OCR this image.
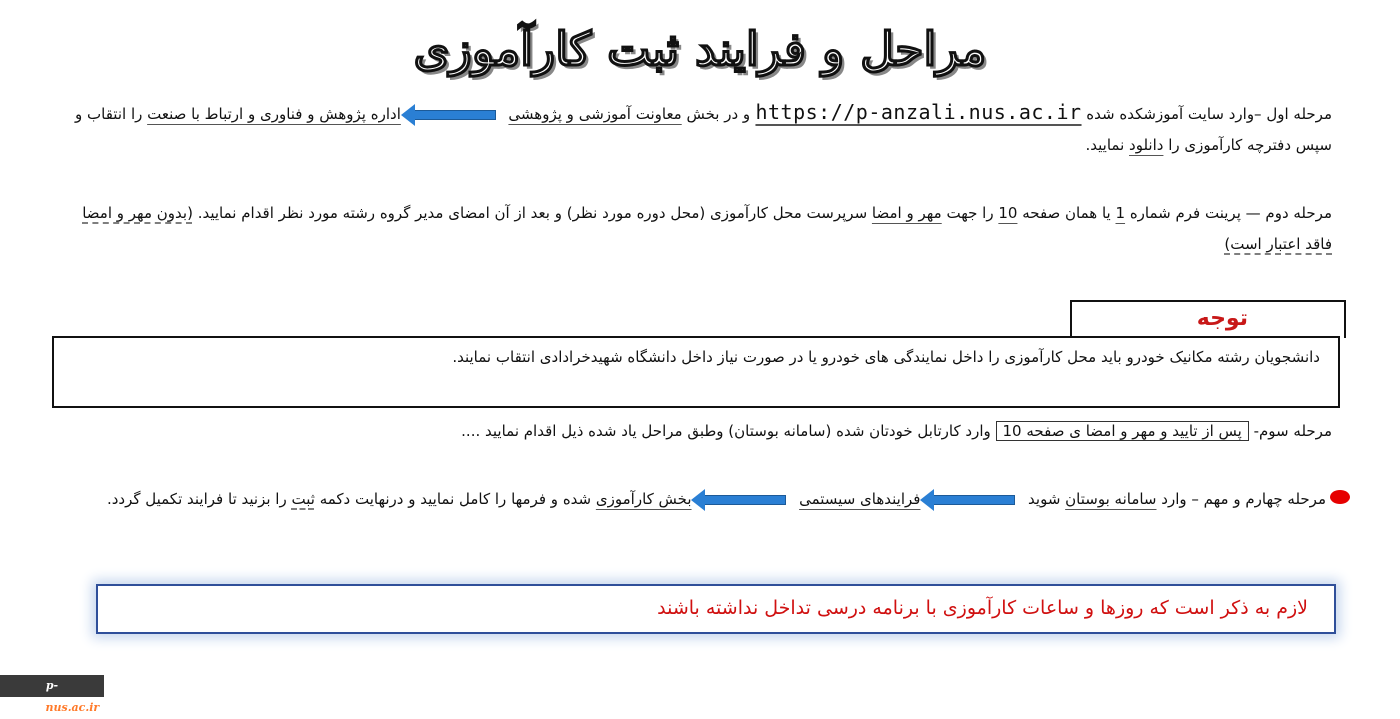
مراحل و فرایند ثبت کارآموزی

مرحله اول –وارد سایت آموزشکده شده https://p-anzali.nus.ac.ir و در بخش معاونت آموزشی و پژوهشی  اداره پژوهش و فناوری و ارتباط با صنعت را انتقاب و سپس دفترچه کارآموزی را دانلود نمایید.

مرحله دوم — پرینت فرم شماره 1 یا همان صفحه 10 را جهت مهر و امضا سرپرست محل کارآموزی (محل دوره مورد نظر) و بعد از آن امضای مدیر گروه رشته مورد نظر اقدام نمایید. (بدون مهر و امضا فاقد اعتبار است)

توجه
دانشجویان رشته مکانیک خودرو باید محل کارآموزی را داخل نمایندگی های خودرو یا در صورت نیاز داخل دانشگاه شهیدخرادادی انتقاب نمایند.

مرحله سوم- پس از تایید و مهر و امضا ی صفحه 10 وارد کارتابل خودتان شده (سامانه بوستان) وطبق مراحل یاد شده ذیل اقدام نمایید ....

مرحله چهارم و مهم – وارد سامانه بوستان شوید  فرایندهای سیستمی  بخش کارآموزی شده و فرمها را کامل نمایید و درنهایت دکمه ثبت را بزنید تا فرایند تکمیل گردد.

لازم به ذکر است که روزها و ساعات کارآموزی با برنامه درسی تداخل نداشته باشند
p-anzali.nus.ac.ir
